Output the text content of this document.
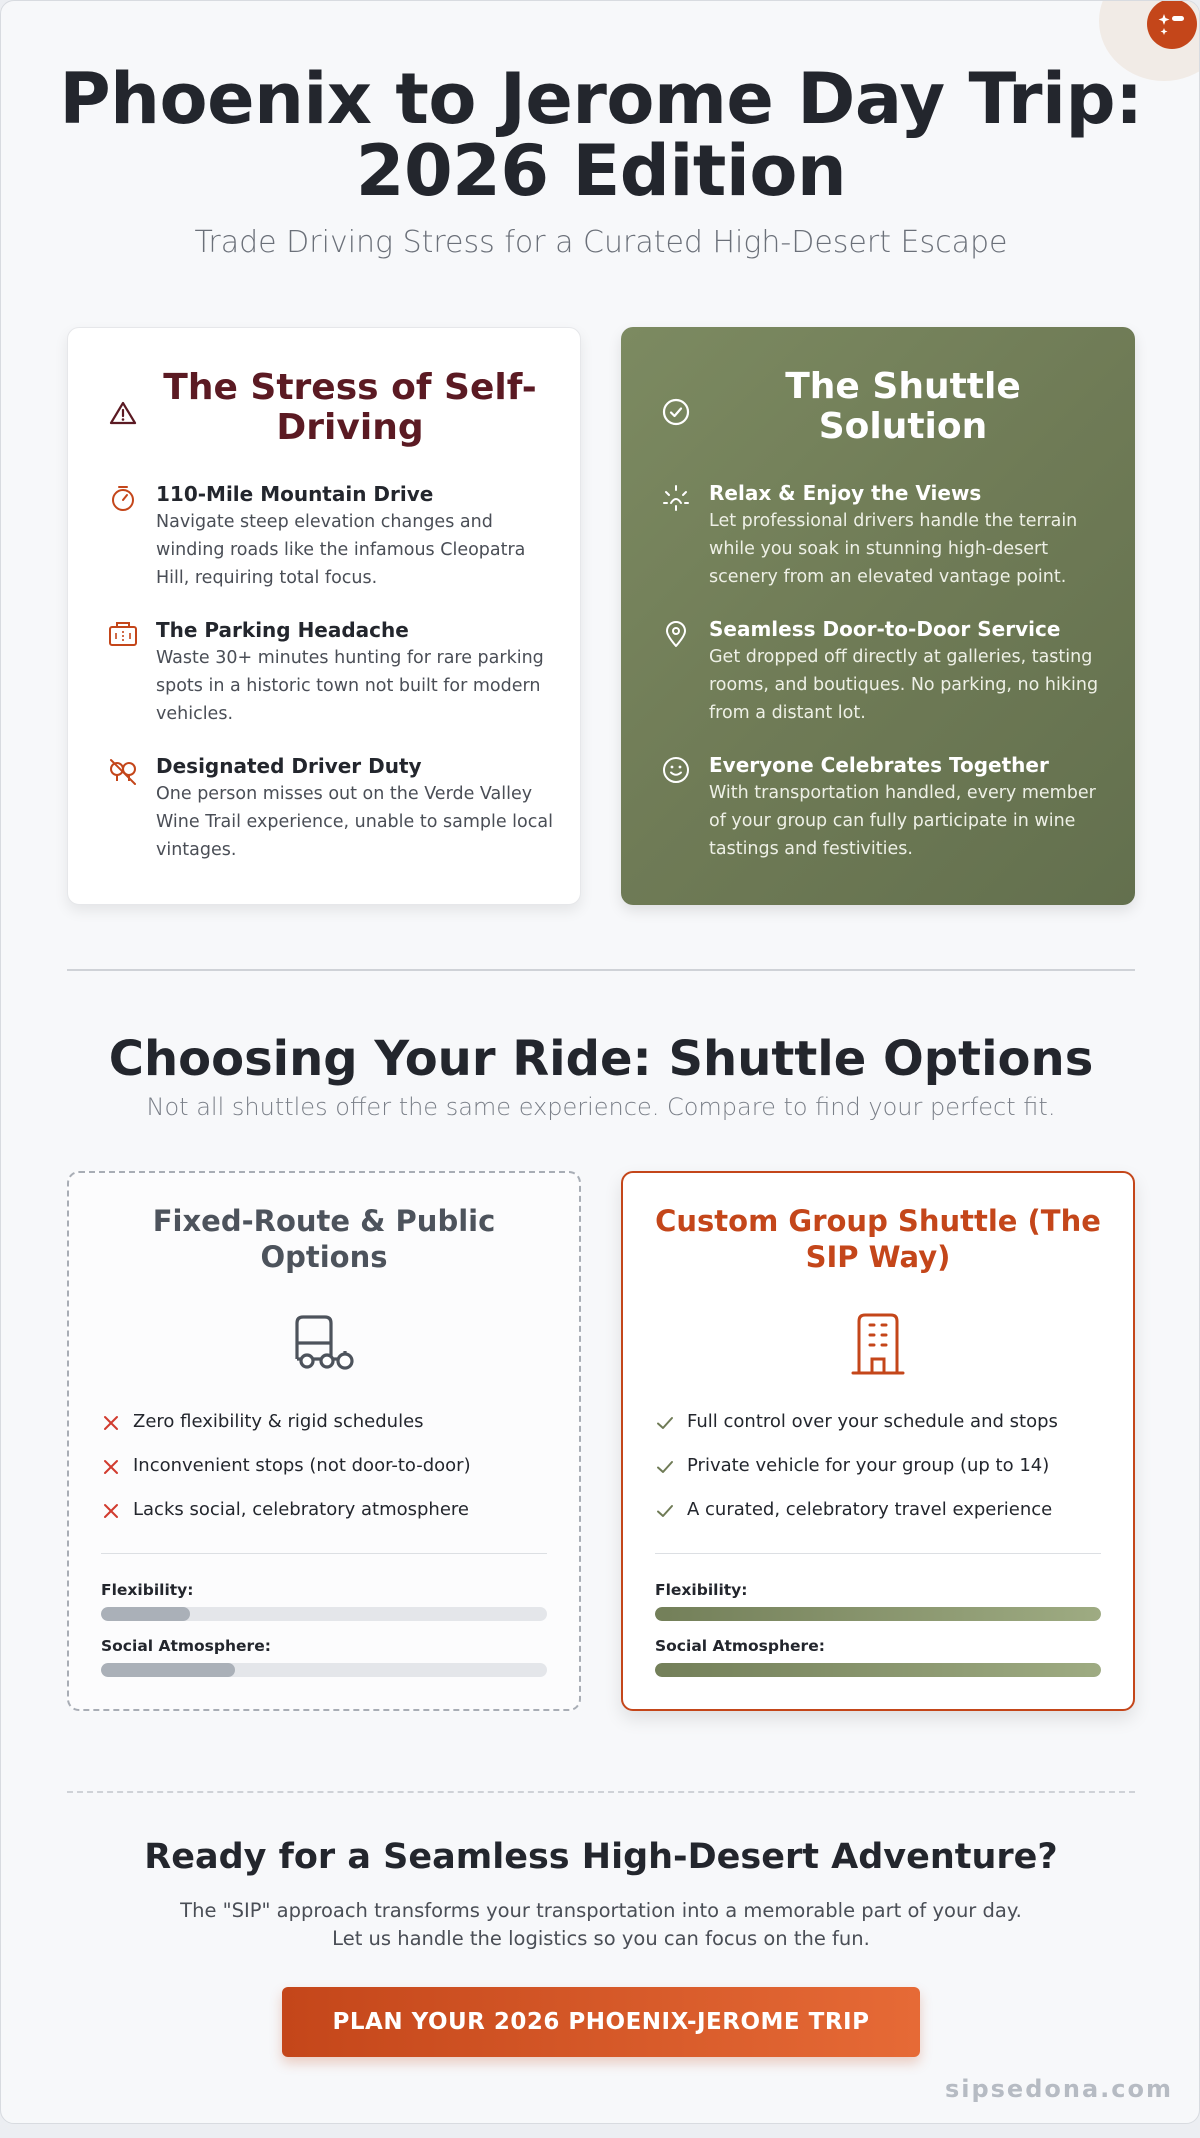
Phoenix to Jerome Day Trip:
2026 Edition
Trade Driving Stress for a Curated High-Desert Escape
The Stress of Self-Driving
110-Mile Mountain Drive

Navigate steep elevation changes and winding roads like the infamous Cleopatra Hill, requiring total focus.

The Parking Headache

Waste 30+ minutes hunting for rare parking spots in a historic town not built for modern vehicles.

Designated Driver Duty

One person misses out on the Verde Valley Wine Trail experience, unable to sample local vintages.

The Shuttle Solution
Relax & Enjoy the Views

Let professional drivers handle the terrain while you soak in stunning high-desert scenery from an elevated vantage point.

Seamless Door-to-Door Service

Get dropped off directly at galleries, tasting rooms, and boutiques. No parking, no hiking from a distant lot.

Everyone Celebrates Together

With transportation handled, every member of your group can fully participate in wine tastings and festivities.

Choosing Your Ride: Shuttle Options
Not all shuttles offer the same experience. Compare to find your perfect fit.
Fixed-Route & Public Options
Zero flexibility & rigid schedules
Inconvenient stops (not door-to-door)
Lacks social, celebratory atmosphere
Flexibility:
Social Atmosphere:
Custom Group Shuttle (The SIP Way)
Full control over your schedule and stops
Private vehicle for your group (up to 14)
A curated, celebratory travel experience
Flexibility:
Social Atmosphere:
Ready for a Seamless High-Desert Adventure?
The "SIP" approach transforms your transportation into a memorable part of your day.
Let us handle the logistics so you can focus on the fun.
PLAN YOUR 2026 PHOENIX-JEROME TRIP
sipsedona.com
